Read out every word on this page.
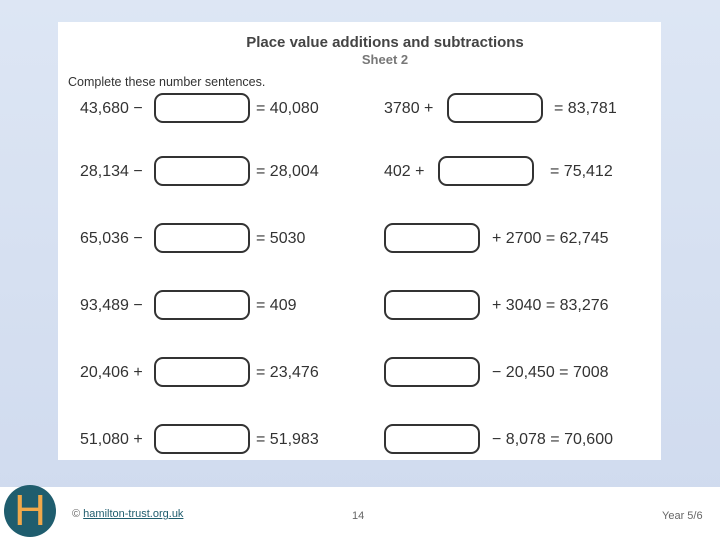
Place value additions and subtractions
Sheet 2
Complete these number sentences.
43,680 −	= 40,080	3780 +	= 83,781
28,134 −	= 28,004	402 +	= 75,412
65,036 −	= 5030	+ 2700 = 62,745
93,489 −	= 409	+ 3040 = 83,276
20,406 +	= 23,476	− 20,450 = 7008
51,080 +	= 51,983	− 8,078 = 70,600
H	© hamilton-trust.org.uk	14	Year 5/6
